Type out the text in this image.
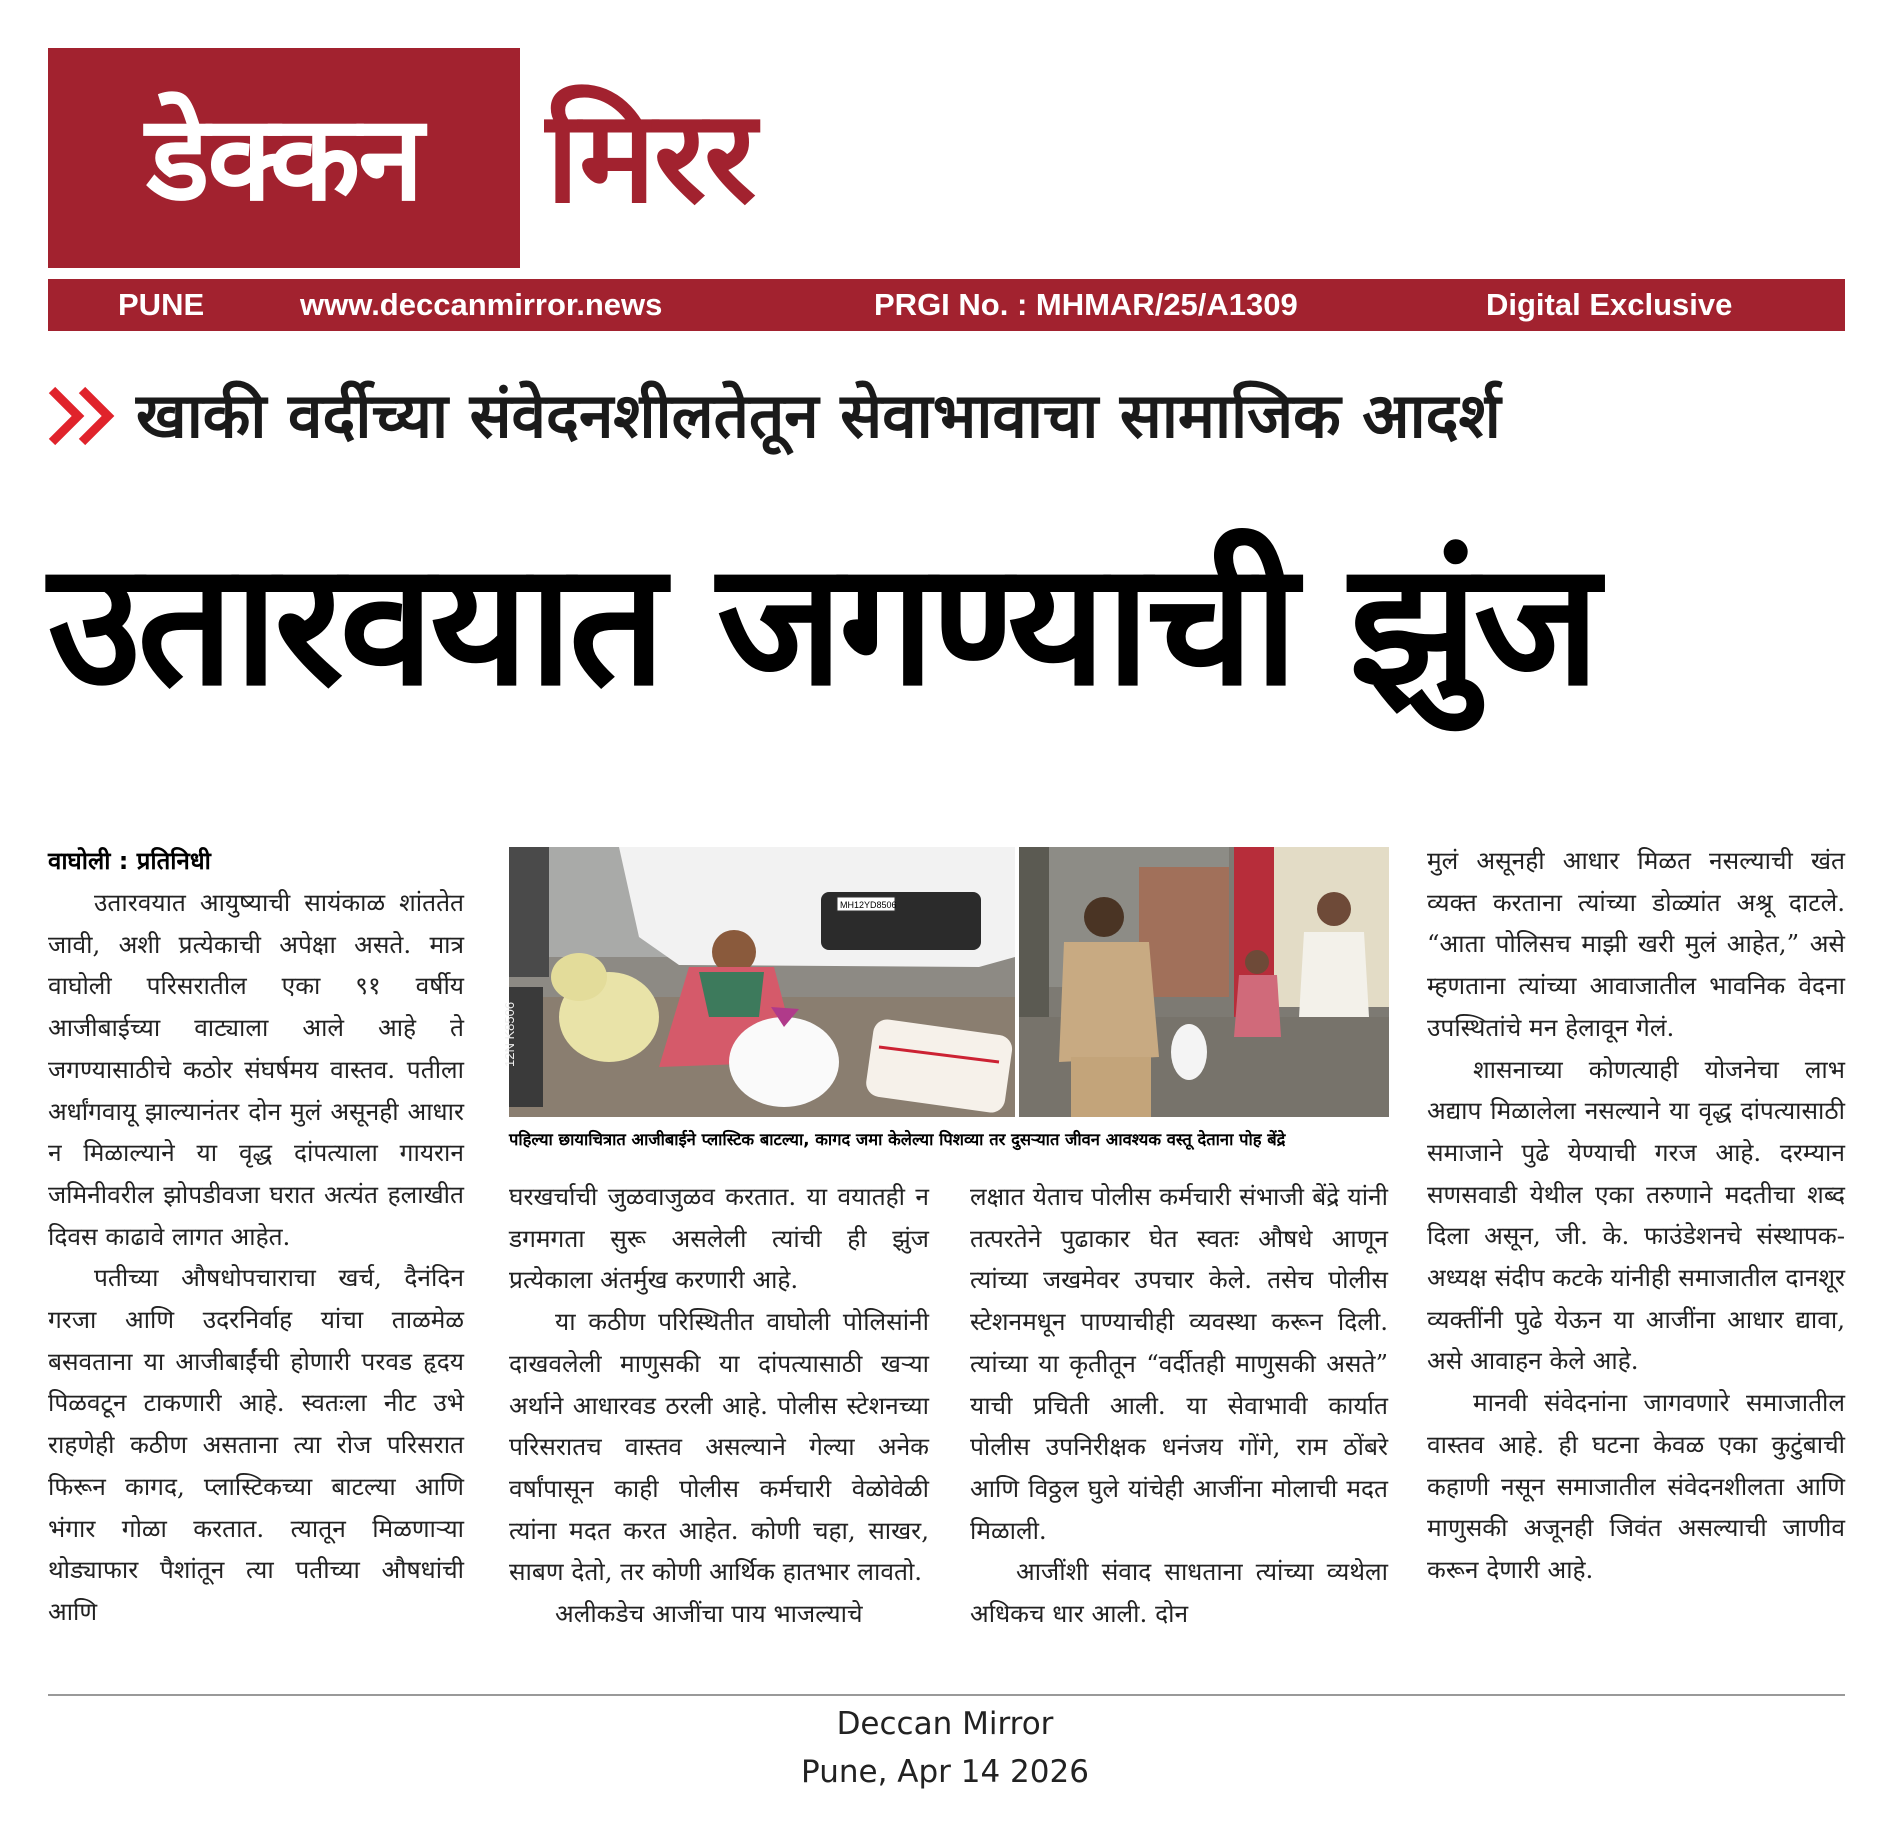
डेक्कन मिरर
PUNE	www.deccanmirror.news	PRGI No. : MHMAR/25/A1309	Digital Exclusive
खाकी वर्दीच्या संवेदनशीलतेतून सेवाभावाचा सामाजिक आदर्श
उतारवयात जगण्याची झुंज
वाघोली : प्रतिनिधी

उतारवयात आयुष्याची सायंकाळ शांततेत जावी, अशी प्रत्येकाची अपेक्षा असते. मात्र वाघोली परिसरातील एका ९१ वर्षीय आजीबाईच्या वाट्याला आले आहे ते जगण्यासाठीचे कठोर संघर्षमय वास्तव. पतीला अर्धांगवायू झाल्यानंतर दोन मुलं असूनही आधार न मिळाल्याने या वृद्ध दांपत्याला गायरान जमिनीवरील झोपडीवजा घरात अत्यंत हलाखीत दिवस काढावे लागत आहेत.

पतीच्या औषधोपचाराचा खर्च, दैनंदिन गरजा आणि उदरनिर्वाह यांचा ताळमेळ बसवताना या आजीबाईंची होणारी परवड हृदय पिळवटून टाकणारी आहे. स्वतःला नीट उभे राहणेही कठीण असताना त्या रोज परिसरात फिरून कागद, प्लास्टिकच्या बाटल्या आणि भंगार गोळा करतात. त्यातून मिळणाऱ्या थोड्याफार पैशांतून त्या पतीच्या औषधांची आणि

MH12YD8506
12N K8506
पहिल्या छायाचित्रात आजीबाईने प्लास्टिक बाटल्या, कागद जमा केलेल्या पिशव्या तर दुसऱ्यात जीवन आवश्यक वस्तू देताना पोह बेंद्रे

घरखर्चाची जुळवाजुळव करतात. या वयातही न डगमगता सुरू असलेली त्यांची ही झुंज प्रत्येकाला अंतर्मुख करणारी आहे.

या कठीण परिस्थितीत वाघोली पोलिसांनी दाखवलेली माणुसकी या दांपत्यासाठी खऱ्या अर्थाने आधारवड ठरली आहे. पोलीस स्टेशनच्या परिसरातच वास्तव असल्याने गेल्या अनेक वर्षांपासून काही पोलीस कर्मचारी वेळोवेळी त्यांना मदत करत आहेत. कोणी चहा, साखर, साबण देतो, तर कोणी आर्थिक हातभार लावतो.

अलीकडेच आजींचा पाय भाजल्याचे

लक्षात येताच पोलीस कर्मचारी संभाजी बेंद्रे यांनी तत्परतेने पुढाकार घेत स्वतः औषधे आणून त्यांच्या जखमेवर उपचार केले. तसेच पोलीस स्टेशनमधून पाण्याचीही व्यवस्था करून दिली. त्यांच्या या कृतीतून “वर्दीतही माणुसकी असते” याची प्रचिती आली. या सेवाभावी कार्यात पोलीस उपनिरीक्षक धनंजय गोंगे, राम ठोंबरे आणि विठ्ठल घुले यांचेही आजींना मोलाची मदत मिळाली.

आजींशी संवाद साधताना त्यांच्या व्यथेला अधिकच धार आली. दोन

मुलं असूनही आधार मिळत नसल्याची खंत व्यक्त करताना त्यांच्या डोळ्यांत अश्रू दाटले. “आता पोलिसच माझी खरी मुलं आहेत,” असे म्हणताना त्यांच्या आवाजातील भावनिक वेदना उपस्थितांचे मन हेलावून गेलं.

शासनाच्या कोणत्याही योजनेचा लाभ अद्याप मिळालेला नसल्याने या वृद्ध दांपत्यासाठी समाजाने पुढे येण्याची गरज आहे. दरम्यान सणसवाडी येथील एका तरुणाने मदतीचा शब्द दिला असून, जी. के. फाउंडेशनचे संस्थापक-अध्यक्ष संदीप कटके यांनीही समाजातील दानशूर व्यक्तींनी पुढे येऊन या आजींना आधार द्यावा, असे आवाहन केले आहे.

मानवी संवेदनांना जागवणारे समाजातील वास्तव आहे. ही घटना केवळ एका कुटुंबाची कहाणी नसून समाजातील संवेदनशीलता आणि माणुसकी अजूनही जिवंत असल्याची जाणीव करून देणारी आहे.

Deccan Mirror
Pune, Apr 14 2026
